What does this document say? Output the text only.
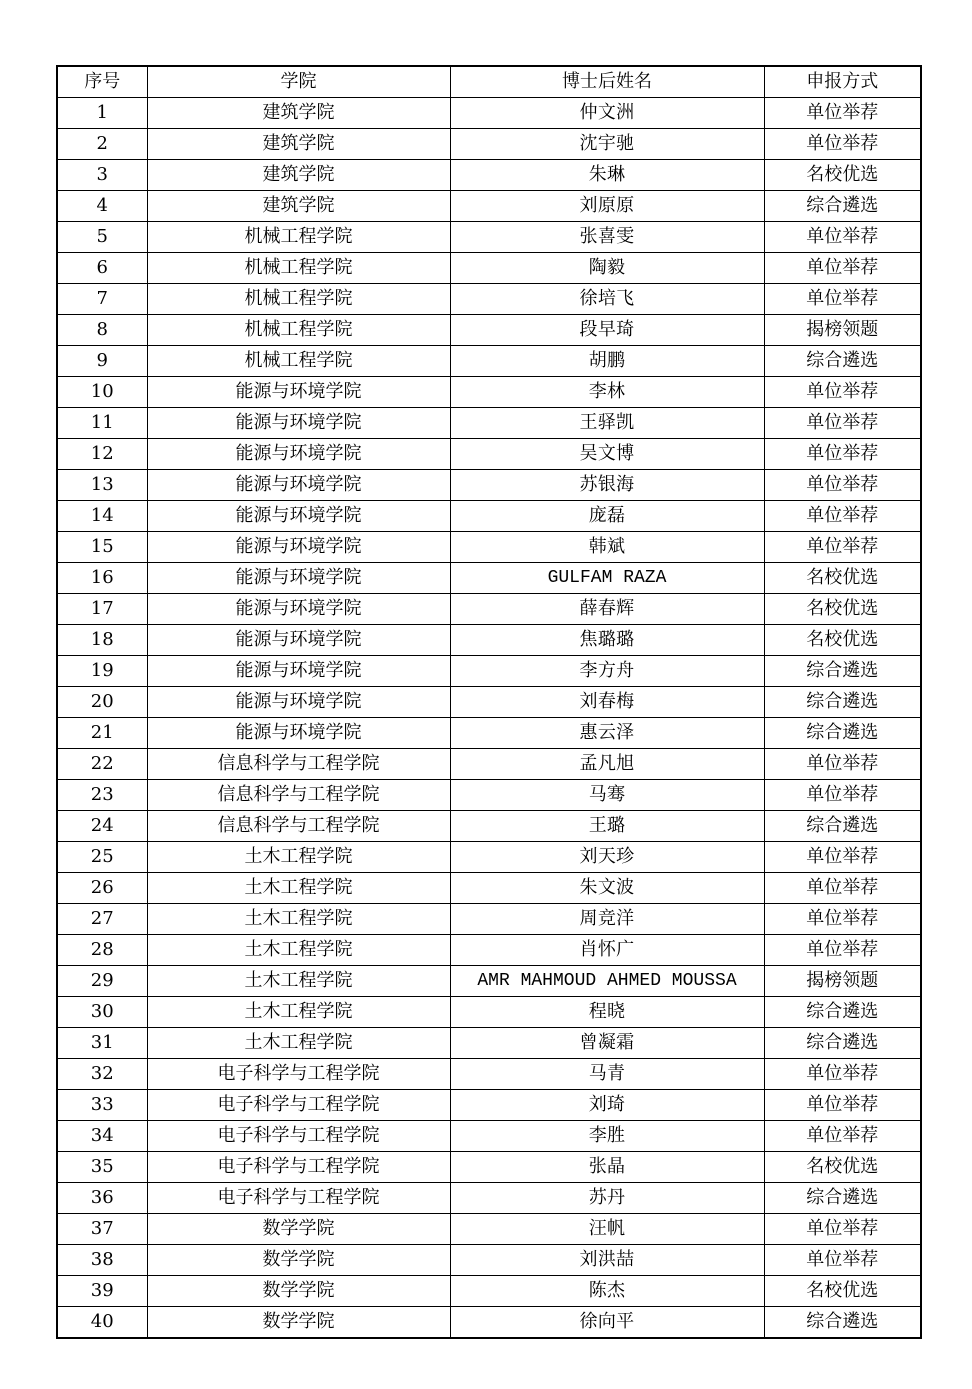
序号	学院	博士后姓名	申报方式
1	建筑学院	仲文洲	单位举荐
2	建筑学院	沈宇驰	单位举荐
3	建筑学院	朱琳	名校优选
4	建筑学院	刘原原	综合遴选
5	机械工程学院	张喜雯	单位举荐
6	机械工程学院	陶毅	单位举荐
7	机械工程学院	徐培飞	单位举荐
8	机械工程学院	段早琦	揭榜领题
9	机械工程学院	胡鹏	综合遴选
10	能源与环境学院	李林	单位举荐
11	能源与环境学院	王驿凯	单位举荐
12	能源与环境学院	吴文博	单位举荐
13	能源与环境学院	苏银海	单位举荐
14	能源与环境学院	庞磊	单位举荐
15	能源与环境学院	韩斌	单位举荐
16	能源与环境学院	GULFAM RAZA	名校优选
17	能源与环境学院	薛春辉	名校优选
18	能源与环境学院	焦璐璐	名校优选
19	能源与环境学院	李方舟	综合遴选
20	能源与环境学院	刘春梅	综合遴选
21	能源与环境学院	惠云泽	综合遴选
22	信息科学与工程学院	孟凡旭	单位举荐
23	信息科学与工程学院	马骞	单位举荐
24	信息科学与工程学院	王璐	综合遴选
25	土木工程学院	刘天珍	单位举荐
26	土木工程学院	朱文波	单位举荐
27	土木工程学院	周竞洋	单位举荐
28	土木工程学院	肖怀广	单位举荐
29	土木工程学院	AMR MAHMOUD AHMED MOUSSA	揭榜领题
30	土木工程学院	程晓	综合遴选
31	土木工程学院	曾凝霜	综合遴选
32	电子科学与工程学院	马青	单位举荐
33	电子科学与工程学院	刘琦	单位举荐
34	电子科学与工程学院	李胜	单位举荐
35	电子科学与工程学院	张晶	名校优选
36	电子科学与工程学院	苏丹	综合遴选
37	数学学院	汪帆	单位举荐
38	数学学院	刘洪喆	单位举荐
39	数学学院	陈杰	名校优选
40	数学学院	徐向平	综合遴选
